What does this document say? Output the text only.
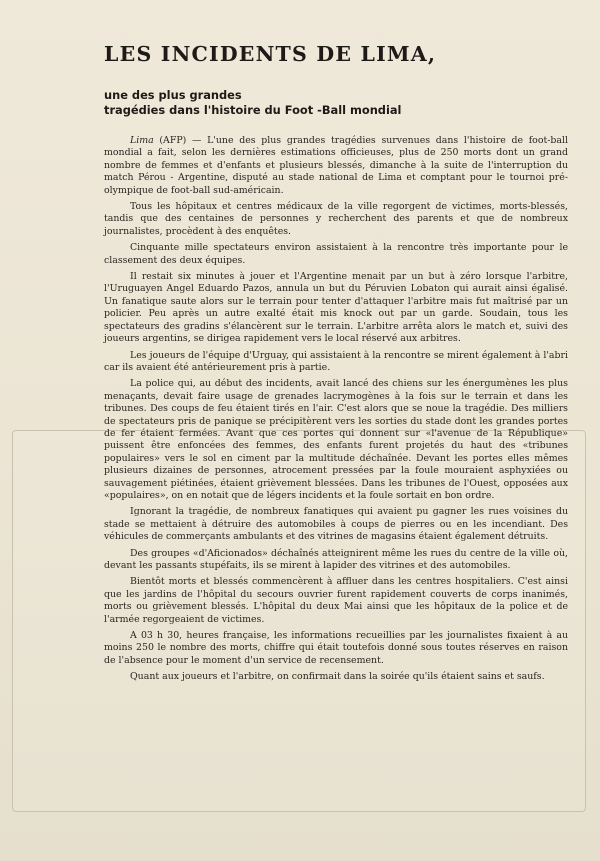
LES INCIDENTS DE LIMA,
une des plus grandes
tragédies dans l'histoire du Foot -Ball mondial

Lima (AFP) — L'une des plus grandes tragédies survenues dans l'histoire de foot-ball mondial a fait, selon les dernières estimations officieuses, plus de 250 morts dont un grand nombre de femmes et d'enfants et plusieurs blessés, dimanche à la suite de l'interruption du match Pérou - Argentine, disputé au stade national de Lima et comptant pour le tournoi pré-olympique de foot-ball sud-américain.

Tous les hôpitaux et centres médicaux de la ville regorgent de victimes, morts-blessés, tandis que des centaines de personnes y recherchent des parents et que de nombreux journalistes, procèdent à des enquêtes.

Cinquante mille spectateurs environ assistaient à la rencontre très importante pour le classement des deux équipes.

Il restait six minutes à jouer et l'Argentine menait par un but à zéro lorsque l'arbitre, l'Uruguayen Angel Eduardo Pazos, annula un but du Péruvien Lobaton qui aurait ainsi égalisé. Un fanatique saute alors sur le terrain pour tenter d'attaquer l'arbitre mais fut maîtrisé par un policier. Peu après un autre exalté était mis knock out par un garde. Soudain, tous les spectateurs des gradins s'élancèrent sur le terrain. L'arbitre arrêta alors le match et, suivi des joueurs argentins, se dirigea rapidement vers le local réservé aux arbitres.

Les joueurs de l'équipe d'Urguay, qui assistaient à la rencontre se mirent également à l'abri car ils avaient été antérieurement pris à partie.

La police qui, au début des incidents, avait lancé des chiens sur les énergumènes les plus menaçants, devait faire usage de grenades lacrymogènes à la fois sur le terrain et dans les tribunes. Des coups de feu étaient tirés en l'air. C'est alors que se noue la tragédie. Des milliers de spectateurs pris de panique se précipitèrent vers les sorties du stade dont les grandes portes de fer étaient fermées. Avant que ces portes qui donnent sur «l'avenue de la République» puissent être enfoncées des femmes, des enfants furent projetés du haut des «tribunes populaires» vers le sol en ciment par la multitude déchaînée. Devant les portes elles mêmes plusieurs dizaines de personnes, atrocement pressées par la foule mouraient asphyxiées ou sauvagement piétinées, étaient grièvement blessées. Dans les tribunes de l'Ouest, opposées aux «populaires», on en notait que de légers incidents et la foule sortait en bon ordre.

Ignorant la tragédie, de nombreux fanatiques qui avaient pu gagner les rues voisines du stade se mettaient à détruire des automobiles à coups de pierres ou en les incendiant. Des véhicules de commerçants ambulants et des vitrines de magasins étaient également détruits.

Des groupes «d'Aficionados» déchaînés atteignirent même les rues du centre de la ville où, devant les passants stupéfaits, ils se mirent à lapider des vitrines et des automobiles.

Bientôt morts et blessés commencèrent à affluer dans les centres hospitaliers. C'est ainsi que les jardins de l'hôpital du secours ouvrier furent rapidement couverts de corps inanimés, morts ou grièvement blessés. L'hôpital du deux Mai ainsi que les hôpitaux de la police et de l'armée regorgeaient de victimes.

A 03 h 30, heures française, les informations recueillies par les journalistes fixaient à au moins 250 le nombre des morts, chiffre qui était toutefois donné sous toutes réserves en raison de l'absence pour le moment d'un service de recensement.

Quant aux joueurs et l'arbitre, on confirmait dans la soirée qu'ils étaient sains et saufs.
